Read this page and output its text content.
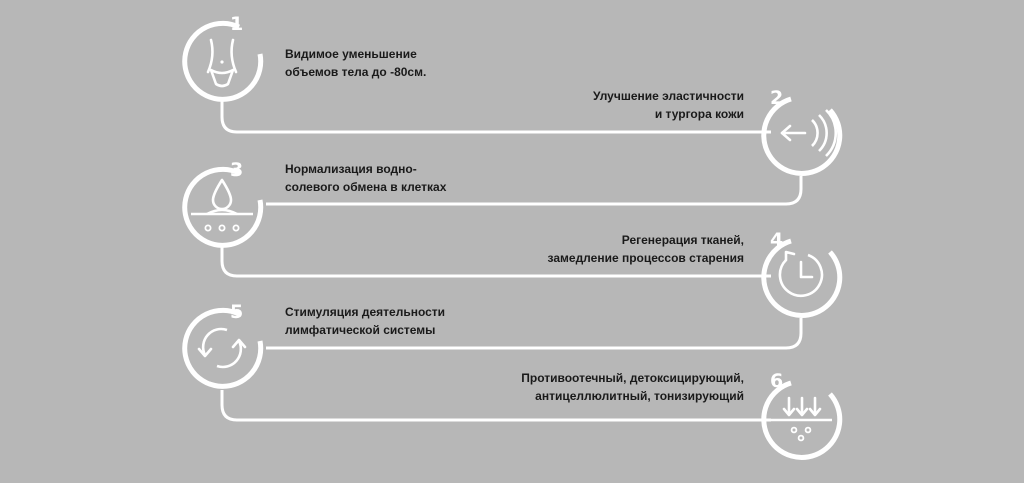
1
Видимое уменьшение
объемов тела до -80см.
2
Улучшение эластичности
и тургора кожи
3	Нормализация водно-
солевого обмена в клетках
4
Регенерация тканей,
замедление процессов старения
5	Стимуляция деятельности
лимфатической системы
6
Противоотечный, детоксицирующий,
антицеллюлитный, тонизирующий
